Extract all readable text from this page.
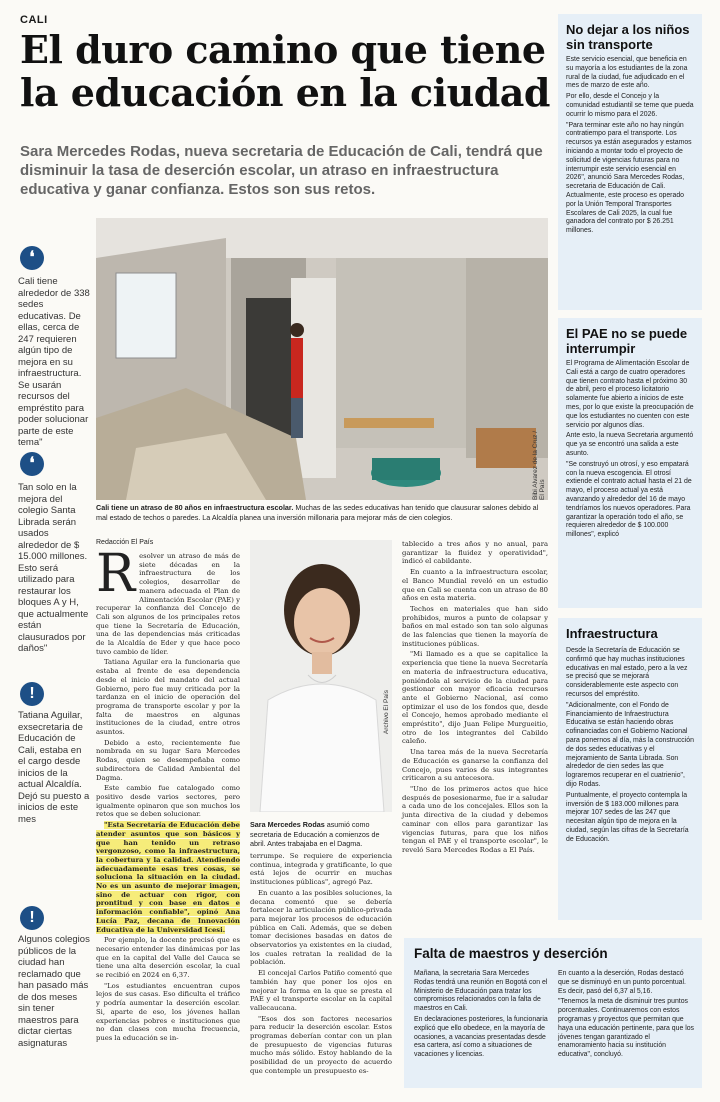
CALI
El duro camino que tiene la educación en la ciudad

Sara Mercedes Rodas, nueva secretaria de Educación de Cali, tendrá que disminuir la tasa de deserción escolar, un atraso en infraestructura educativa y ganar confianza. Estos son sus retos.

❛
Cali tiene alrededor de 338 sedes educativas. De ellas, cerca de 247 requieren algún tipo de mejora en su infraestructura. Se usarán recursos del empréstito para poder solucionar parte de este tema"
❛
Tan solo en la mejora del colegio Santa Librada serán usados alrededor de $ 15.000 millones. Esto será utilizado para restaurar los bloques A y H, que actualmente están clausurados por daños"
!
Tatiana Aguilar, exsecretaria de Educación de Cali, estaba en el cargo desde inicios de la actual Alcaldía. Dejó su puesto a inicios de este mes
!
Algunos colegios públicos de la ciudad han reclamado que han pasado más de dos meses sin tener maestros para dictar ciertas asignaturas
Bibi Alvarez de la Cruz / El País
Cali tiene un atraso de 80 años en infraestructura escolar. Muchas de las sedes educativas han tenido que clausurar salones debido al mal estado de techos o paredes. La Alcaldía planea una inversión millonaria para mejorar más de cien colegios.
Redacción El País

Resolver un atraso de más de siete décadas en la infraestructura de los colegios, desarrollar de manera adecuada el Plan de Alimentación Escolar (PAE) y recuperar la confianza del Concejo de Cali son algunos de los principales retos que tiene la Secretaría de Educación, una de las dependencias más criticadas de la Alcaldía de Eder y que hace poco tuvo cambio de líder.

Tatiana Aguilar era la funcionaria que estaba al frente de esa dependencia desde el inicio del mandato del actual Gobierno, pero fue muy criticada por la tardanza en el inicio de operación del programa de transporte escolar y por la falta de maestros en algunas instituciones de la ciudad, entre otros asuntos.

Debido a esto, recientemente fue nombrada en su lugar Sara Mercedes Rodas, quien se desempeñaba como subdirectora de Calidad Ambiental del Dagma.

Este cambio fue catalogado como positivo desde varios sectores, pero igualmente opinaron que son muchos los retos que se deben solucionar.

"Esta Secretaría de Educación debe atender asuntos que son básicos y que han tenido un retraso vergonzoso, como la infraestructura, la cobertura y la calidad. Atendiendo adecuadamente esas tres cosas, se soluciona la situación en la ciudad. No es un asunto de mejorar imagen, sino de actuar con rigor, con prontitud y con base en datos e información confiable", opinó Ana Lucía Paz, decana de Innovación Educativa de la Universidad Icesi.

Por ejemplo, la docente precisó que es necesario entender las dinámicas por las que en la capital del Valle del Cauca se tiene una alta deserción escolar, la cual se recibió en 2024 en 6,37.

"Los estudiantes encuentran cupos lejos de sus casas. Eso dificulta el tráfico y podría aumentar la deserción escolar. Si, aparte de eso, los jóvenes hallan experiencias pobres e instituciones que no dan clases con mucha frecuencia, pues la educación se in-

Archivo El País
Sara Mercedes Rodas asumió como secretaria de Educación a comienzos de abril. Antes trabajaba en el Dagma.

terrumpe. Se requiere de experiencia continua, integrada y gratificante, lo que está lejos de ocurrir en muchas instituciones públicas", agregó Paz.

En cuanto a las posibles soluciones, la decana comentó que se debería fortalecer la articulación público-privada para mejorar los procesos de educación pública en Cali. Además, que se deben tomar decisiones basadas en datos de observatorios ya existentes en la ciudad, los cuales retratan la realidad de la población.

El concejal Carlos Patiño comentó que también hay que poner los ojos en mejorar la forma en la que se presta el PAE y el transporte escolar en la capital vallecaucana.

"Esos dos son factores necesarios para reducir la deserción escolar. Estos programas deberían contar con un plan de presupuesto de vigencias futuras mucho más sólido. Estoy hablando de la posibilidad de un proyecto de acuerdo que contemple un presupuesto es-

tablecido a tres años y no anual, para garantizar la fluidez y operatividad", indicó el cabildante.

En cuanto a la infraestructura escolar, el Banco Mundial reveló en un estudio que en Cali se cuenta con un atraso de 80 años en esta materia.

Techos en materiales que han sido prohibidos, muros a punto de colapsar y baños en mal estado son tan solo algunas de las falencias que tienen la mayoría de instituciones públicas.

"Mi llamado es a que se capitalice la experiencia que tiene la nueva Secretaría en materia de infraestructura educativa, poniéndola al servicio de la ciudad para gestionar con mayor eficacia recursos ante el Gobierno Nacional, así como optimizar el uso de los fondos que, desde el Concejo, hemos aprobado mediante el empréstito", dijo Juan Felipe Murgueitio, otro de los integrantes del Cabildo caleño.

Una tarea más de la nueva Secretaría de Educación es ganarse la confianza del Concejo, pues varios de sus integrantes criticaron a su antecesora.

"Uno de los primeros actos que hice después de posesionarme, fue ir a saludar a cada uno de los concejales. Ellos son la junta directiva de la ciudad y debemos caminar con ellos para garantizar las vigencias futuras, para que los niños tengan el PAE y el transporte escolar", le reveló Sara Mercedes Rodas a El País.

No dejar a los niños sin transporte

Este servicio esencial, que beneficia en su mayoría a los estudiantes de la zona rural de la ciudad, fue adjudicado en el mes de marzo de este año.

Por ello, desde el Concejo y la comunidad estudiantil se teme que pueda ocurrir lo mismo para el 2026.

"Para terminar este año no hay ningún contratiempo para el transporte. Los recursos ya están asegurados y estamos iniciando a montar todo el proyecto de solicitud de vigencias futuras para no interrumpir este servicio esencial en 2026", anunció Sara Mercedes Rodas, secretaria de Educación de Cali. Actualmente, este proceso es operado por la Unión Temporal Transportes Escolares de Cali 2025, la cual fue ganadora del contrato por $ 26.251 millones.

El PAE no se puede interrumpir

El Programa de Alimentación Escolar de Cali está a cargo de cuatro operadores que tienen contrato hasta el próximo 30 de abril, pero el proceso licitatorio solamente fue abierto a inicios de este mes, por lo que existe la preocupación de que los estudiantes no cuenten con este servicio por algunos días.

Ante esto, la nueva Secretaria argumentó que ya se encontró una salida a este asunto.

"Se construyó un otrosí, y eso empatará con la nueva escogencia. El otrosí extiende el contrato actual hasta el 21 de mayo, el proceso actual ya está avanzando y alrededor del 16 de mayo tendríamos los nuevos operadores. Para garantizar la operación todo el año, se requieren alrededor de $ 100.000 millones", explicó

Infraestructura

Desde la Secretaría de Educación se confirmó que hay muchas instituciones educativas en mal estado, pero a la vez se precisó que se mejorará considerablemente este aspecto con recursos del empréstito.

"Adicionalmente, con el Fondo de Financiamiento de Infraestructura Educativa se están haciendo obras cofinanciadas con el Gobierno Nacional para ponernos al día, más la construcción de dos sedes educativas y el mejoramiento de Santa Librada. Son alrededor de cien sedes las que lograremos recuperar en el cuatrienio", dijo Rodas.

Puntualmente, el proyecto contempla la inversión de $ 183.000 millones para mejorar 107 sedes de las 247 que necesitan algún tipo de mejora en la ciudad, según las cifras de la Secretaría de Educación.

Falta de maestros y deserción

Mañana, la secretaria Sara Mercedes Rodas tendrá una reunión en Bogotá con el Ministerio de Educación para tratar los compromisos relacionados con la falta de maestros en Cali.

En declaraciones posteriores, la funcionaria explicó que ello obedece, en la mayoría de ocasiones, a vacancias presentadas desde esa cartera, así como a situaciones de vacaciones y licencias.

En cuanto a la deserción, Rodas destacó que se disminuyó en un punto porcentual. Es decir, pasó del 6,37 al 5,16.

"Tenemos la meta de disminuir tres puntos porcentuales. Continuaremos con estos programas y proyectos que permitan que haya una educación pertinente, para que los jóvenes tengan garantizado el enamoramiento hacia su institución educativa", concluyó.
